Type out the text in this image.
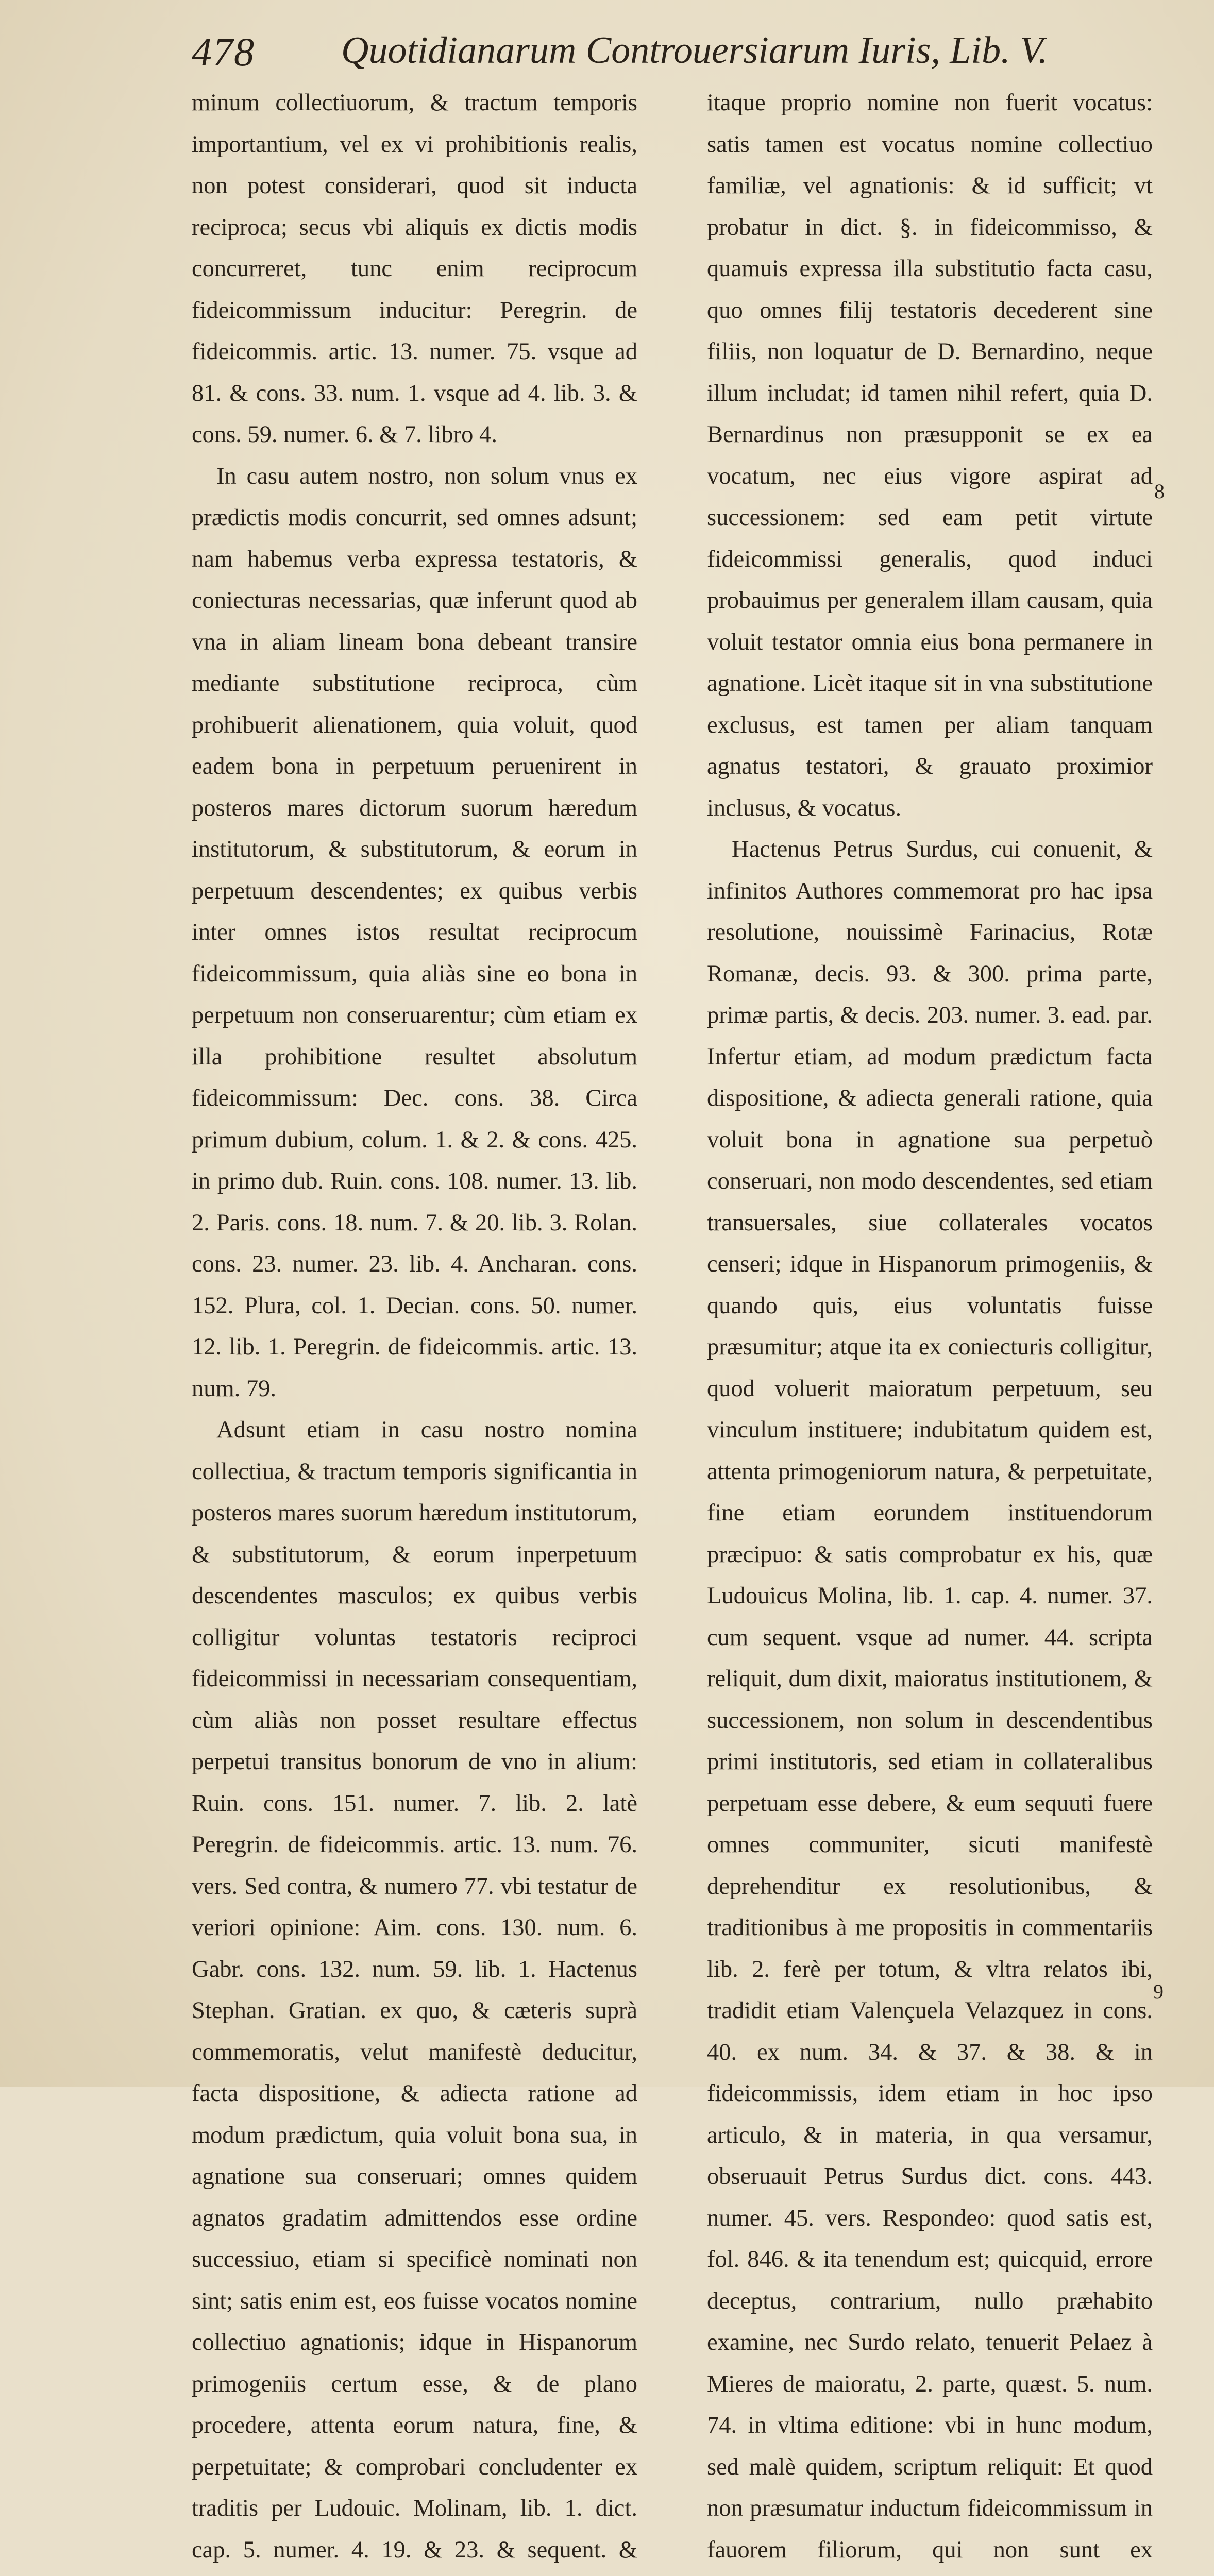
478 Quotidianarum Controuersiarum Iuris, Lib. V.

minum collectiuorum, & tractum temporis importantium, vel ex vi prohibitionis realis, non potest considerari, quod sit inducta reciproca; secus vbi aliquis ex dictis modis concurreret, tunc enim reciprocum fideicommissum inducitur: Peregrin. de fideicommis. artic. 13. numer. 75. vsque ad 81. & cons. 33. num. 1. vsque ad 4. lib. 3. & cons. 59. numer. 6. & 7. libro 4.

In casu autem nostro, non solum vnus ex prædictis modis concurrit, sed omnes adsunt; nam habemus verba expressa testatoris, & coniecturas necessarias, quæ inferunt quod ab vna in aliam lineam bona debeant transire mediante substitutione reciproca, cùm prohibuerit alienationem, quia voluit, quod eadem bona in perpetuum peruenirent in posteros mares dictorum suorum hæredum institutorum, & substitutorum, & eorum in perpetuum descendentes; ex quibus verbis inter omnes istos resultat reciprocum fideicommissum, quia aliàs sine eo bona in perpetuum non conseruarentur; cùm etiam ex illa prohibitione resultet absolutum fideicommissum: Dec. cons. 38. Circa primum dubium, colum. 1. & 2. & cons. 425. in primo dub. Ruin. cons. 108. numer. 13. lib. 2. Paris. cons. 18. num. 7. & 20. lib. 3. Rolan. cons. 23. numer. 23. lib. 4. Ancharan. cons. 152. Plura, col. 1. Decian. cons. 50. numer. 12. lib. 1. Peregrin. de fideicommis. artic. 13. num. 79.

Adsunt etiam in casu nostro nomina collectiua, & tractum temporis significantia in posteros mares suorum hæredum institutorum, & substitutorum, & eorum inperpetuum descendentes masculos; ex quibus verbis colligitur voluntas testatoris reciproci fideicommissi in necessariam consequentiam, cùm aliàs non posset resultare effectus perpetui transitus bonorum de vno in alium: Ruin. cons. 151. numer. 7. lib. 2. latè Peregrin. de fideicommis. artic. 13. num. 76. vers. Sed contra, & numero 77. vbi testatur de veriori opinione: Aim. cons. 130. num. 6. Gabr. cons. 132. num. 59. lib. 1. Hactenus Stephan. Gratian. ex quo, & cæteris suprà commemoratis, velut manifestè deducitur, facta dispositione, & adiecta ratione ad modum prædictum, quia voluit bona sua, in agnatione sua conseruari; omnes quidem agnatos gradatim admittendos esse ordine successiuo, etiam si specificè nominati non sint; satis enim est, eos fuisse vocatos nomine collectiuo agnationis; idque in Hispanorum primogeniis certum esse, & de plano procedere, attenta eorum natura, fine, & perpetuitate; & comprobari concludenter ex traditis per Ludouic. Molinam, lib. 1. dict. cap. 5. numer. 4. 19. & 23. & sequent. &

itaque proprio nomine non fuerit vocatus: satis tamen est vocatus nomine collectiuo familiæ, vel agnationis: & id sufficit; vt probatur in dict. §. in fideicommisso, & quamuis expressa illa substitutio facta casu, quo omnes filij testatoris decederent sine filiis, non loquatur de D. Bernardino, neque illum includat; id tamen nihil refert, quia D. Bernardinus non præsupponit se ex ea vocatum, nec eius vigore aspirat ad successionem: sed eam petit virtute fideicommissi generalis, quod induci probauimus per generalem illam causam, quia voluit testator omnia eius bona permanere in agnatione. Licèt itaque sit in vna substitutione exclusus, est tamen per aliam tanquam agnatus testatori, & grauato proximior inclusus, & vocatus.

Hactenus Petrus Surdus, cui conuenit, & infinitos Authores commemorat pro hac ipsa resolutione, nouissimè Farinacius, Rotæ Romanæ, decis. 93. & 300. prima parte, primæ partis, & decis. 203. numer. 3. ead. par. Infertur etiam, ad modum prædictum facta dispositione, & adiecta generali ratione, quia voluit bona in agnatione sua perpetuò conseruari, non modo descendentes, sed etiam transuersales, siue collaterales vocatos censeri; idque in Hispanorum primogeniis, & quando quis, eius voluntatis fuisse præsumitur; atque ita ex coniecturis colligitur, quod voluerit maioratum perpetuum, seu vinculum instituere; indubitatum quidem est, attenta primogeniorum natura, & perpetuitate, fine etiam eorundem instituendorum præcipuo: & satis comprobatur ex his, quæ Ludouicus Molina, lib. 1. cap. 4. numer. 37. cum sequent. vsque ad numer. 44. scripta reliquit, dum dixit, maioratus institutionem, & successionem, non solum in descendentibus primi institutoris, sed etiam in collateralibus perpetuam esse debere, & eum sequuti fuere omnes communiter, sicuti manifestè deprehenditur ex resolutionibus, & traditionibus à me propositis in commentariis lib. 2. ferè per totum, & vltra relatos ibi, tradidit etiam Valençuela Velazquez in cons. 40. ex num. 34. & 37. & 38. & in fideicommissis, idem etiam in hoc ipso articulo, & in materia, in qua versamur, obseruauit Petrus Surdus dict. cons. 443. numer. 45. vers. Respondeo: quod satis est, fol. 846. & ita tenendum est; quicquid, errore deceptus, contrarium, nullo præhabito examine, nec Surdo relato, tenuerit Pelaez à Mieres de maioratu, 2. parte, quæst. 5. num. 74. in vltima editione: vbi in hunc modum, sed malè quidem, scriptum reliquit: Et quod non præsumatur inductum fideicommissum in fauorem filiorum, qui non sunt ex

8
9
